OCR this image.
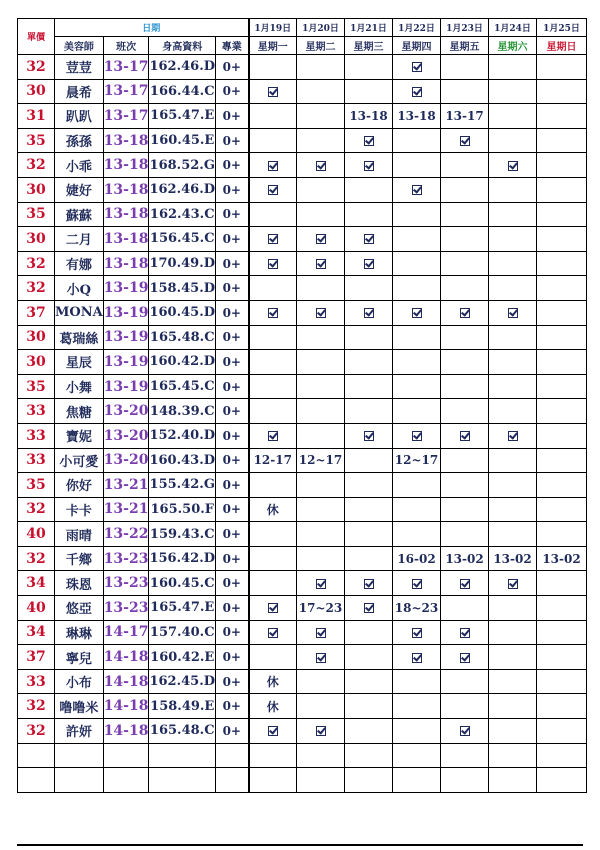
單價	日期				1月19日	1月20日	1月21日	1月22日	1月23日	1月24日	1月25日
	美容師	班次	身高資料	專業	星期一	星期二	星期三	星期四	星期五	星期六	星期日
32	荳荳	13-17	162.46.D	0+							
30	晨希	13-17	166.44.C	0+							
31	趴趴	13-17	165.47.E	0+			13-18	13-18	13-17		
35	孫孫	13-18	160.45.E	0+							
32	小乖	13-18	168.52.G	0+							
30	婕好	13-18	162.46.D	0+							
35	蘇蘇	13-18	162.43.C	0+							
30	二月	13-18	156.45.C	0+							
32	有娜	13-18	170.49.D	0+							
32	小Q	13-19	158.45.D	0+							
37	MONA	13-19	160.45.D	0+							
30	葛瑞絲	13-19	165.48.C	0+							
30	星辰	13-19	160.42.D	0+							
35	小舞	13-19	165.45.C	0+							
33	焦糖	13-20	148.39.C	0+							
33	寶妮	13-20	152.40.D	0+							
33	小可愛	13-20	160.43.D	0+	12-17	12~17		12~17			
35	你好	13-21	155.42.G	0+							
32	卡卡	13-21	165.50.F	0+	休						
40	雨晴	13-22	159.43.C	0+							
32	千鄉	13-23	156.42.D	0+				16-02	13-02	13-02	13-02
34	珠恩	13-23	160.45.C	0+							
40	悠亞	13-23	165.47.E	0+		17~23		18~23			
34	琳琳	14-17	157.40.C	0+							
37	寧兒	14-18	160.42.E	0+							
33	小布	14-18	162.45.D	0+	休						
32	噜噜米	14-18	158.49.E	0+	休						
32	許妍	14-18	165.48.C	0+							
